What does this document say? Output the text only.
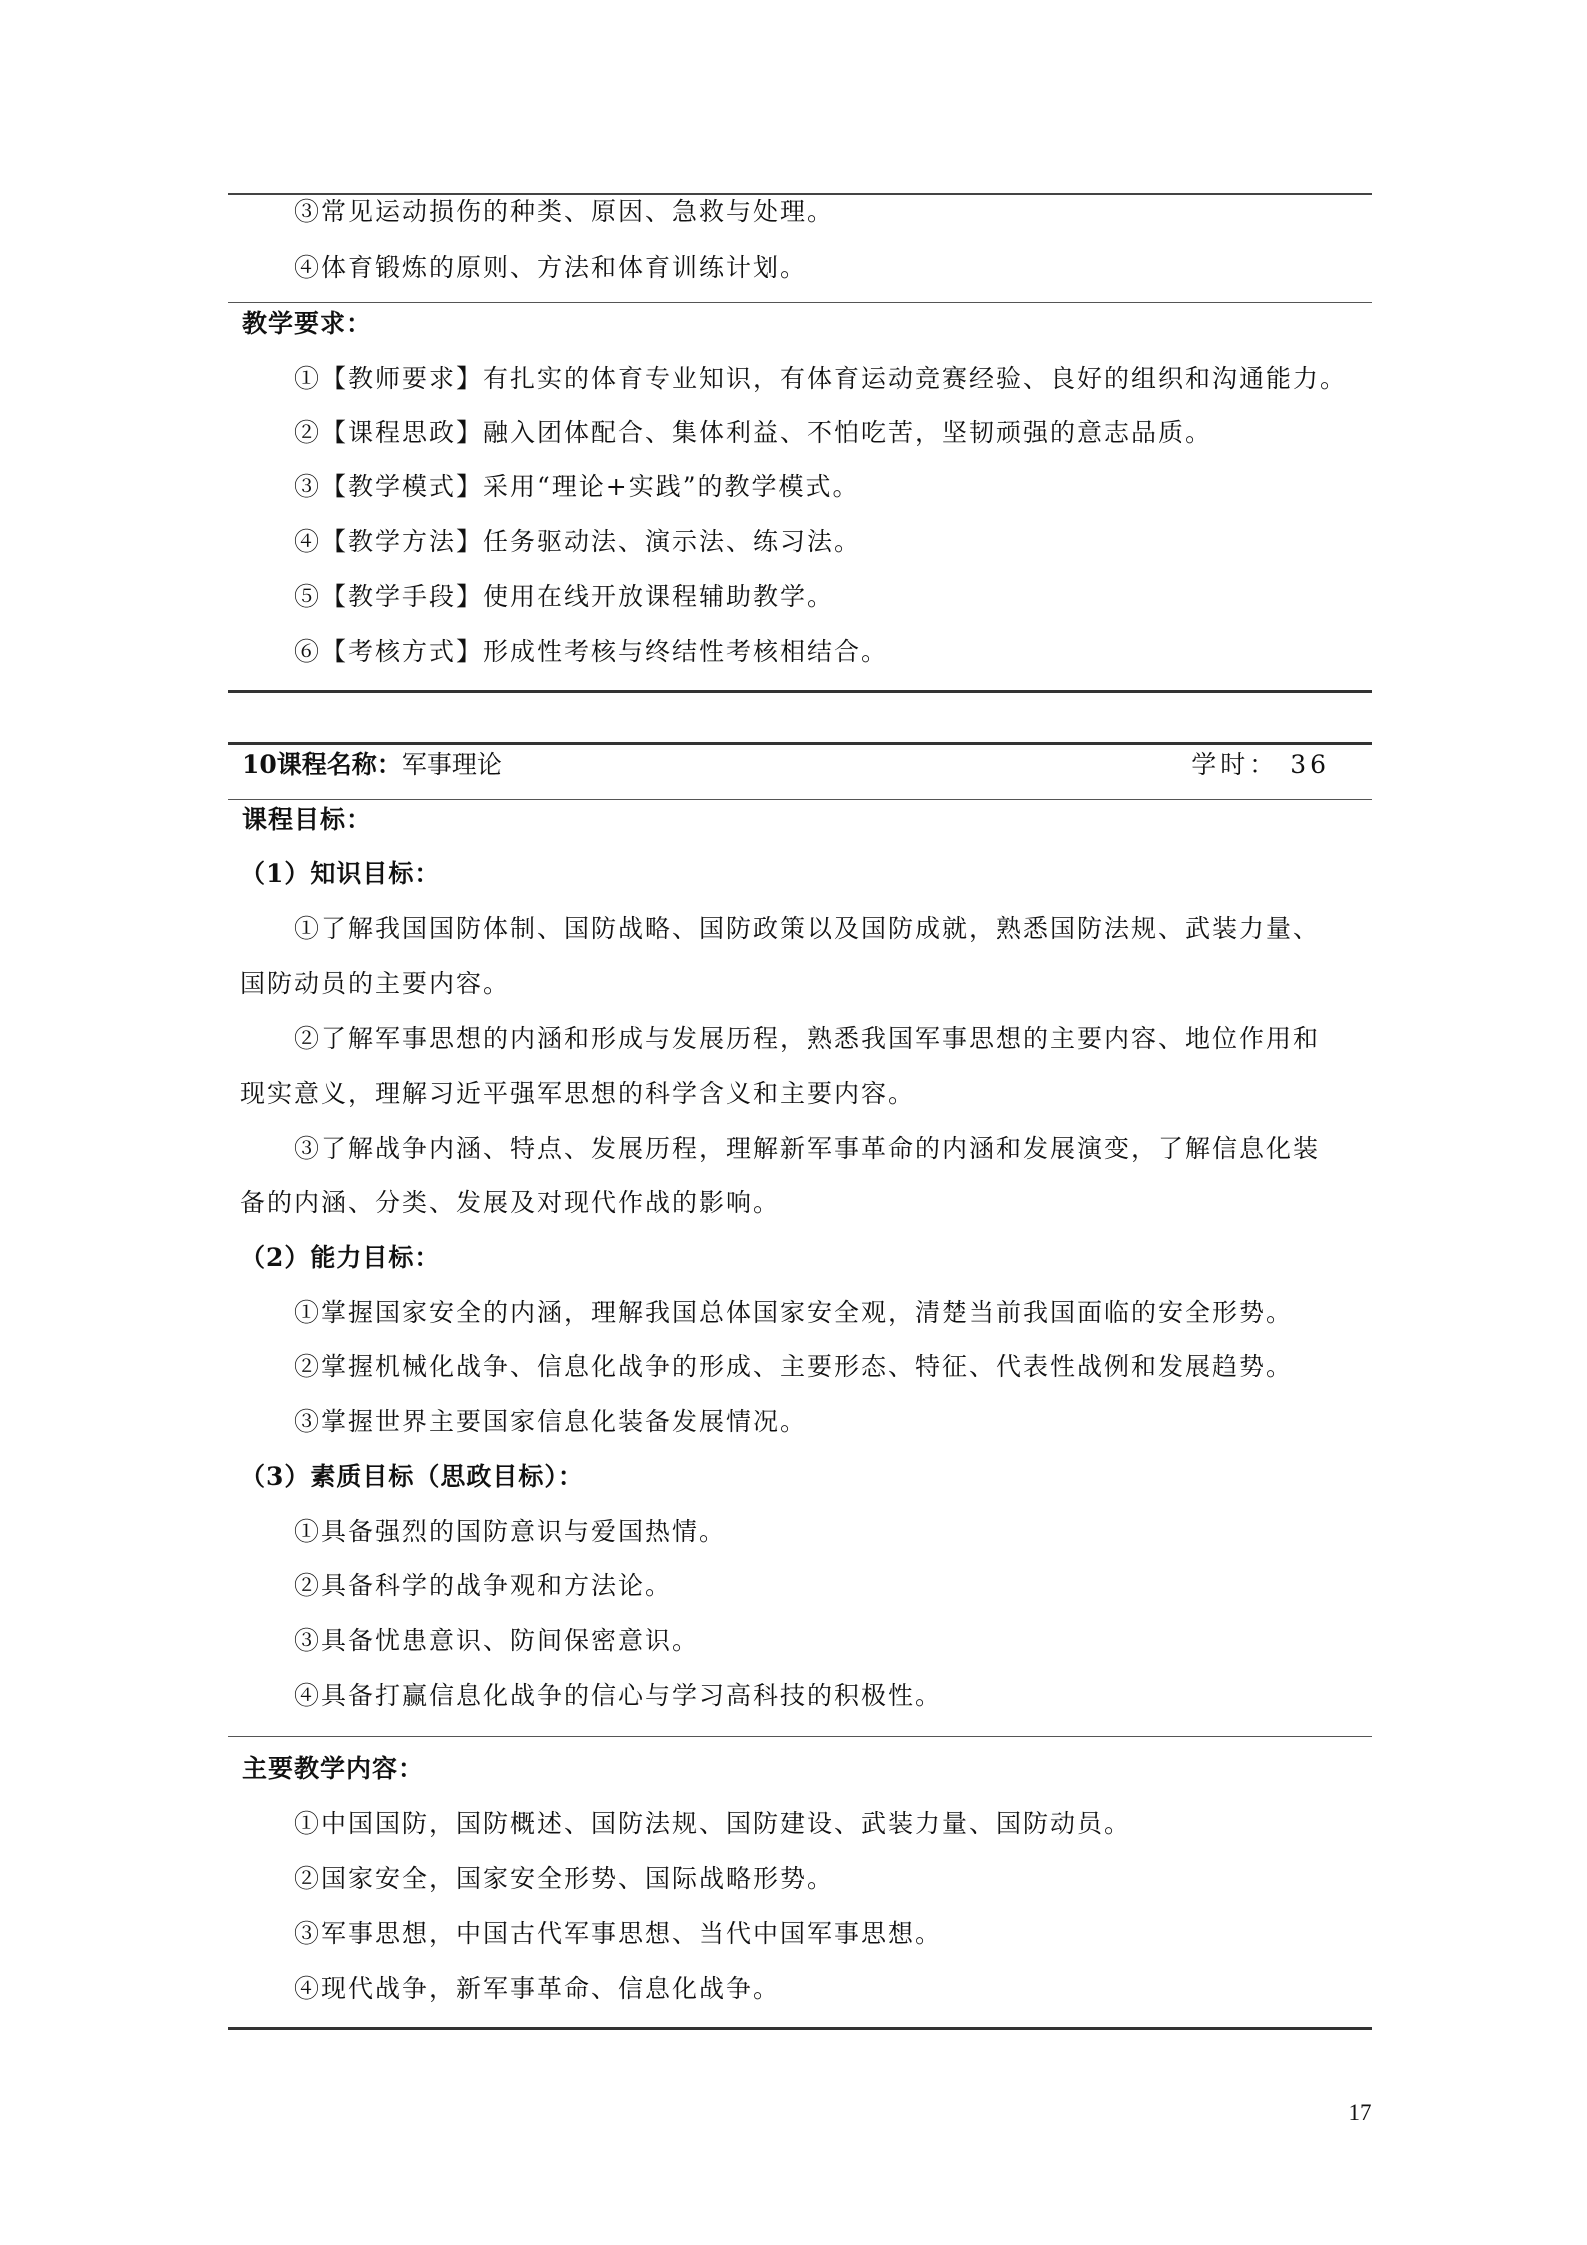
③常见运动损伤的种类、原因、急救与处理。
④体育锻炼的原则、方法和体育训练计划。
教学要求：
①【教师要求】有扎实的体育专业知识，有体育运动竞赛经验、良好的组织和沟通能力。
②【课程思政】融入团体配合、集体利益、不怕吃苦，坚韧顽强的意志品质。
③【教学模式】采用“理论+实践”的教学模式。
④【教学方法】任务驱动法、演示法、练习法。
⑤【教学手段】使用在线开放课程辅助教学。
⑥【考核方式】形成性考核与终结性考核相结合。
10课程名称：军事理论	学时： 36
课程目标：
（1）知识目标：
①了解我国国防体制、国防战略、国防政策以及国防成就，熟悉国防法规、武装力量、
国防动员的主要内容。
②了解军事思想的内涵和形成与发展历程，熟悉我国军事思想的主要内容、地位作用和
现实意义，理解习近平强军思想的科学含义和主要内容。
③了解战争内涵、特点、发展历程，理解新军事革命的内涵和发展演变，了解信息化装
备的内涵、分类、发展及对现代作战的影响。
（2）能力目标：
①掌握国家安全的内涵，理解我国总体国家安全观，清楚当前我国面临的安全形势。
②掌握机械化战争、信息化战争的形成、主要形态、特征、代表性战例和发展趋势。
③掌握世界主要国家信息化装备发展情况。
（3）素质目标（思政目标）：
①具备强烈的国防意识与爱国热情。
②具备科学的战争观和方法论。
③具备忧患意识、防间保密意识。
④具备打赢信息化战争的信心与学习高科技的积极性。
主要教学内容：
①中国国防，国防概述、国防法规、国防建设、武装力量、国防动员。
②国家安全，国家安全形势、国际战略形势。
③军事思想，中国古代军事思想、当代中国军事思想。
④现代战争，新军事革命、信息化战争。
17
